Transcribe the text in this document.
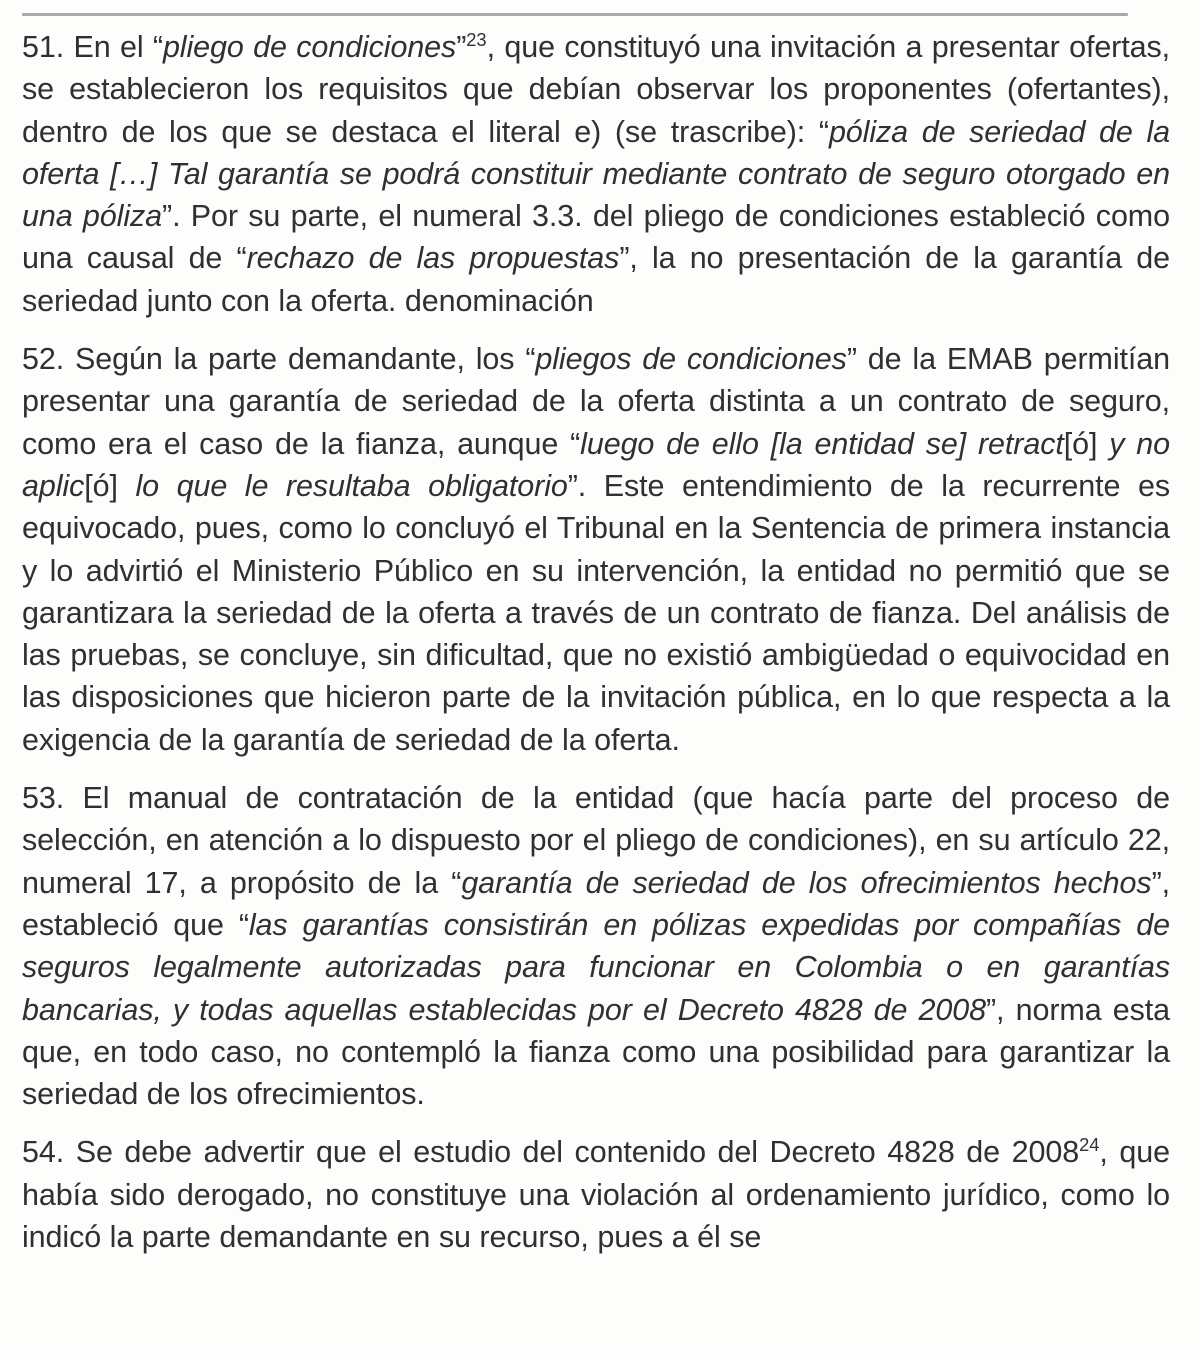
51. En el “pliego de condiciones”$^{23}$, que constituyó una invitación a presentar ofertas, se establecieron los requisitos que debían observar los proponentes (ofertantes), dentro de los que se destaca el literal e) (se trascribe): “póliza de seriedad de la oferta […] Tal garantía se podrá constituir mediante contrato de seguro otorgado en una póliza”. Por su parte, el numeral 3.3. del pliego de condiciones estableció como una causal de “rechazo de las propuestas”, la no presentación de la garantía de seriedad junto con la oferta. denominación

52. Según la parte demandante, los “pliegos de condiciones” de la EMAB permitían presentar una garantía de seriedad de la oferta distinta a un contrato de seguro, como era el caso de la fianza, aunque “luego de ello [la entidad se] retract[ó] y no aplic[ó] lo que le resultaba obligatorio”. Este entendimiento de la recurrente es equivocado, pues, como lo concluyó el Tribunal en la Sentencia de primera instancia y lo advirtió el Ministerio Público en su intervención, la entidad no permitió que se garantizara la seriedad de la oferta a través de un contrato de fianza. Del análisis de las pruebas, se concluye, sin dificultad, que no existió ambigüedad o equivocidad en las disposiciones que hicieron parte de la invitación pública, en lo que respecta a la exigencia de la garantía de seriedad de la oferta.

53. El manual de contratación de la entidad (que hacía parte del proceso de selección, en atención a lo dispuesto por el pliego de condiciones), en su artículo 22, numeral 17, a propósito de la “garantía de seriedad de los ofrecimientos hechos”, estableció que “las garantías consistirán en pólizas expedidas por compañías de seguros legalmente autorizadas para funcionar en Colombia o en garantías bancarias, y todas aquellas establecidas por el Decreto 4828 de 2008”, norma esta que, en todo caso, no contempló la fianza como una posibilidad para garantizar la seriedad de los ofrecimientos.

54. Se debe advertir que el estudio del contenido del Decreto 4828 de 2008$^{24}$, que había sido derogado, no constituye una violación al ordenamiento jurídico, como lo indicó la parte demandante en su recurso, pues a él se
